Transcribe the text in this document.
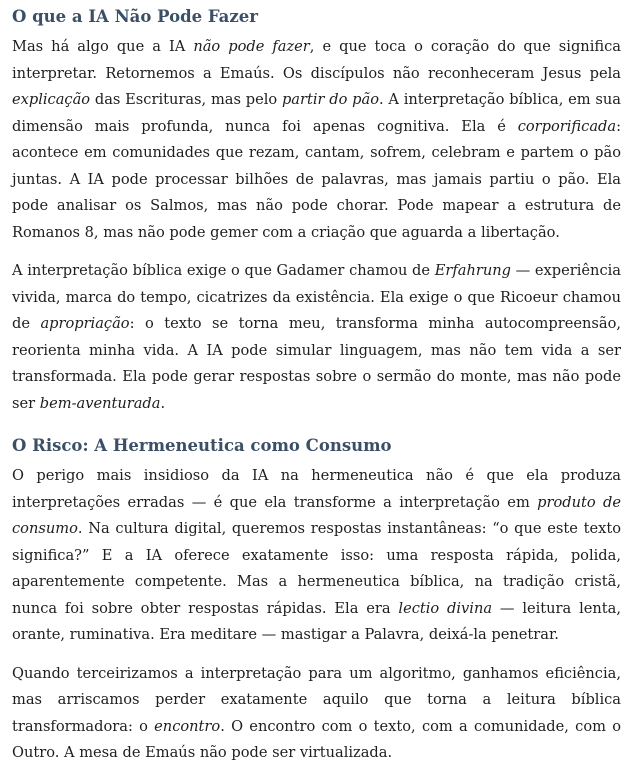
O que a IA Não Pode Fazer

Mas há algo que a IA não pode fazer, e que toca o coração do que significa interpretar. Retornemos a Emaús. Os discípulos não reconheceram Jesus pela explicação das Escrituras, mas pelo partir do pão. A interpretação bíblica, em sua dimensão mais profunda, nunca foi apenas cognitiva. Ela é corporificada: acontece em comunidades que rezam, cantam, sofrem, celebram e partem o pão juntas. A IA pode processar bilhões de palavras, mas jamais partiu o pão. Ela pode analisar os Salmos, mas não pode chorar. Pode mapear a estrutura de Romanos 8, mas não pode gemer com a criação que aguarda a libertação.

A interpretação bíblica exige o que Gadamer chamou de Erfahrung — experiência vivida, marca do tempo, cicatrizes da existência. Ela exige o que Ricoeur chamou de apropriação: o texto se torna meu, transforma minha autocompreensão, reorienta minha vida. A IA pode simular linguagem, mas não tem vida a ser transformada. Ela pode gerar respostas sobre o sermão do monte, mas não pode ser bem-aventurada.

O Risco: A Hermeneutica como Consumo

O perigo mais insidioso da IA na hermeneutica não é que ela produza interpretações erradas — é que ela transforme a interpretação em produto de consumo. Na cultura digital, queremos respostas instantâneas: “o que este texto significa?” E a IA oferece exatamente isso: uma resposta rápida, polida, aparentemente competente. Mas a hermeneutica bíblica, na tradição cristã, nunca foi sobre obter respostas rápidas. Ela era lectio divina — leitura lenta, orante, ruminativa. Era meditare — mastigar a Palavra, deixá-la penetrar.

Quando terceirizamos a interpretação para um algoritmo, ganhamos eficiência, mas arriscamos perder exatamente aquilo que torna a leitura bíblica transformadora: o encontro. O encontro com o texto, com a comunidade, com o Outro. A mesa de Emaús não pode ser virtualizada.
